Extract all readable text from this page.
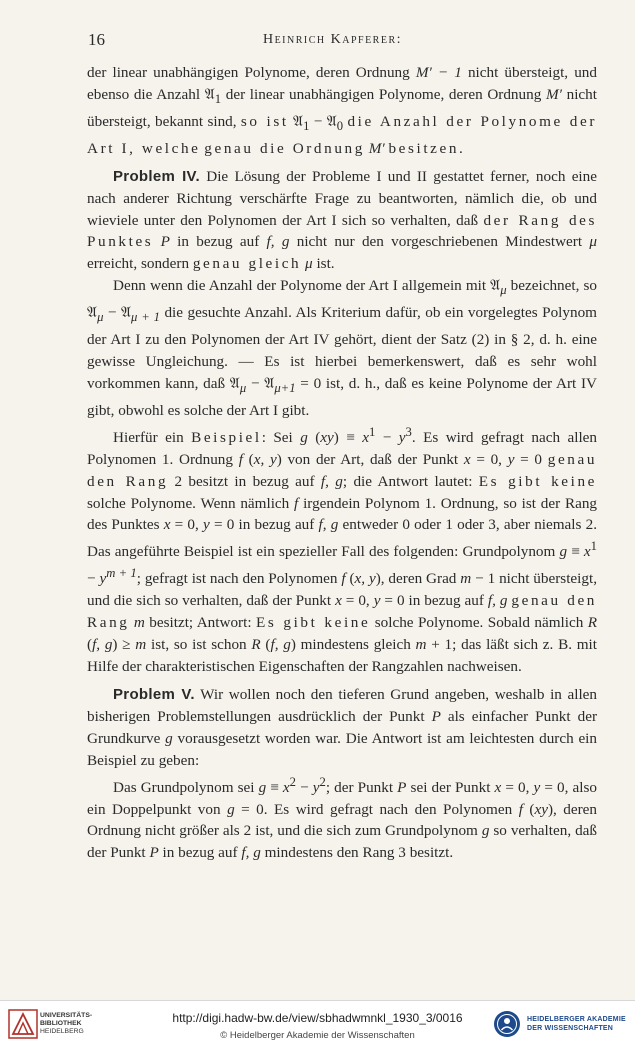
16	Heinrich Kapferer:

der linear unabhängigen Polynome, deren Ordnung M′ − 1 nicht übersteigt, und ebenso die Anzahl 𝔄$_1$ der linear unabhängigen Polynome, deren Ordnung M′ nicht übersteigt, bekannt sind, so ist 𝔄$_1$ − 𝔄$_0$ die Anzahl der Polynome der Art I, welche genau die Ordnung M′ besitzen.

Problem IV. Die Lösung der Probleme I und II gestattet ferner, noch eine nach anderer Richtung verschärfte Frage zu beantworten, nämlich die, ob und wieviele unter den Polynomen der Art I sich so verhalten, daß der Rang des Punktes P in bezug auf f, g nicht nur den vorgeschriebenen Mindestwert μ erreicht, sondern genau gleich μ ist.

Denn wenn die Anzahl der Polynome der Art I allgemein mit 𝔄$_\mu$ bezeichnet, so 𝔄$_\mu$ − 𝔄$_{\mu + 1}$ die gesuchte Anzahl. Als Kriterium dafür, ob ein vorgelegtes Polynom der Art I zu den Polynomen der Art IV gehört, dient der Satz (2) in § 2, d. h. eine gewisse Ungleichung. — Es ist hierbei bemerkenswert, daß es sehr wohl vorkommen kann, daß 𝔄$_\mu$ − 𝔄$_{\mu+1}$ = 0 ist, d. h., daß es keine Polynome der Art IV gibt, obwohl es solche der Art I gibt.

Hierfür ein Beispiel: Sei g $(xy) \equiv x^1 - y^3$. Es wird gefragt nach allen Polynomen 1. Ordnung f (x, y) von der Art, daß der Punkt x = 0, y = 0 genau den Rang 2 besitzt in bezug auf f, g; die Antwort lautet: Es gibt keine solche Polynome. Wenn nämlich f irgendein Polynom 1. Ordnung, so ist der Rang des Punktes x = 0, y = 0 in bezug auf f, g entweder 0 oder 1 oder 3, aber niemals 2. Das angeführte Beispiel ist ein spezieller Fall des folgenden: Grundpolynom $g \equiv x^1 - y^{m + 1}$; gefragt ist nach den Polynomen f (x, y), deren Grad m − 1 nicht übersteigt, und die sich so verhalten, daß der Punkt x = 0, y = 0 in bezug auf f, g genau den Rang m besitzt; Antwort: Es gibt keine solche Polynome. Sobald nämlich R (f, g) ≥ m ist, so ist schon R (f, g) mindestens gleich m + 1; das läßt sich z. B. mit Hilfe der charakteristischen Eigenschaften der Rangzahlen nachweisen.

Problem V. Wir wollen noch den tieferen Grund angeben, weshalb in allen bisherigen Problemstellungen ausdrücklich der Punkt P als einfacher Punkt der Grundkurve g vorausgesetzt worden war. Die Antwort ist am leichtesten durch ein Beispiel zu geben:

Das Grundpolynom sei $g \equiv x^2 - y^2$; der Punkt P sei der Punkt x = 0, y = 0, also ein Doppelpunkt von g = 0. Es wird gefragt nach den Polynomen f (xy), deren Ordnung nicht größer als 2 ist, und die sich zum Grundpolynom g so verhalten, daß der Punkt P in bezug auf f, g mindestens den Rang 3 besitzt.

UNIVERSITÄTS-
BIBLIOTHEK
HEIDELBERG
http://digi.hadw-bw.de/view/sbhadwmnkl_1930_3/0016
© Heidelberger Akademie der Wissenschaften
HEIDELBERGER AKADEMIE
DER WISSENSCHAFTEN
